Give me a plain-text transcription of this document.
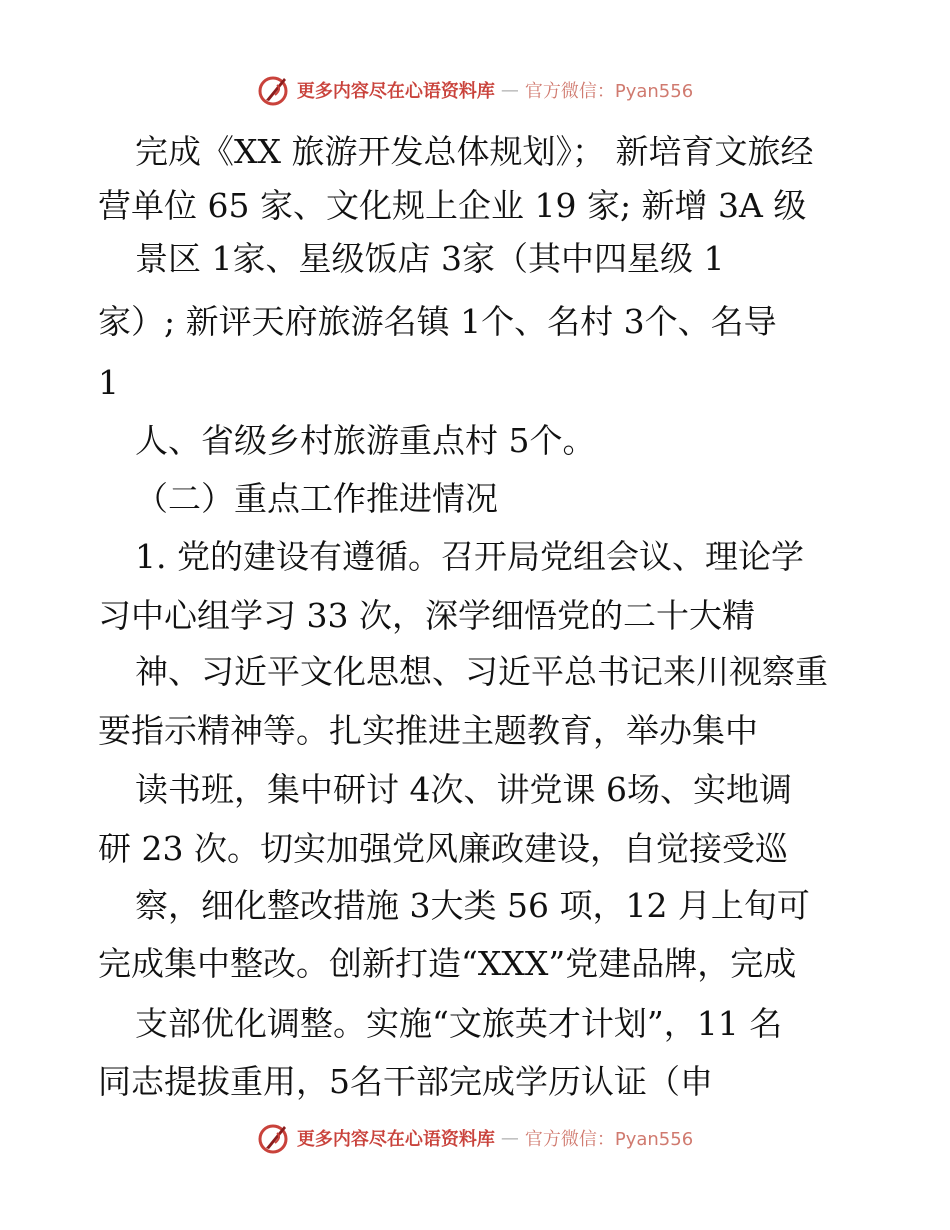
更多内容尽在心语资料库 — 官方微信：Pyan556
完成《XX 旅游开发总体规划》； 新培育文旅经
营单位 65 家、文化规上企业 19 家; 新增 3A 级
景区 1家、星级饭店 3家（其中四星级 1
家）; 新评天府旅游名镇 1个、名村 3个、名导
1
人、省级乡村旅游重点村 5个。
（二）重点工作推进情况
1. 党的建设有遵循。召开局党组会议、理论学
习中心组学习 33 次，深学细悟党的二十大精
神、习近平文化思想、习近平总书记来川视察重
要指示精神等。扎实推进主题教育，举办集中
读书班，集中研讨 4次、讲党课 6场、实地调
研 23 次。切实加强党风廉政建设，自觉接受巡
察，细化整改措施 3大类 56 项，12 月上旬可
完成集中整改。创新打造“XXX”党建品牌，完成
支部优化调整。实施“文旅英才计划”，11 名
同志提拔重用，5名干部完成学历认证（申
更多内容尽在心语资料库 — 官方微信：Pyan556
